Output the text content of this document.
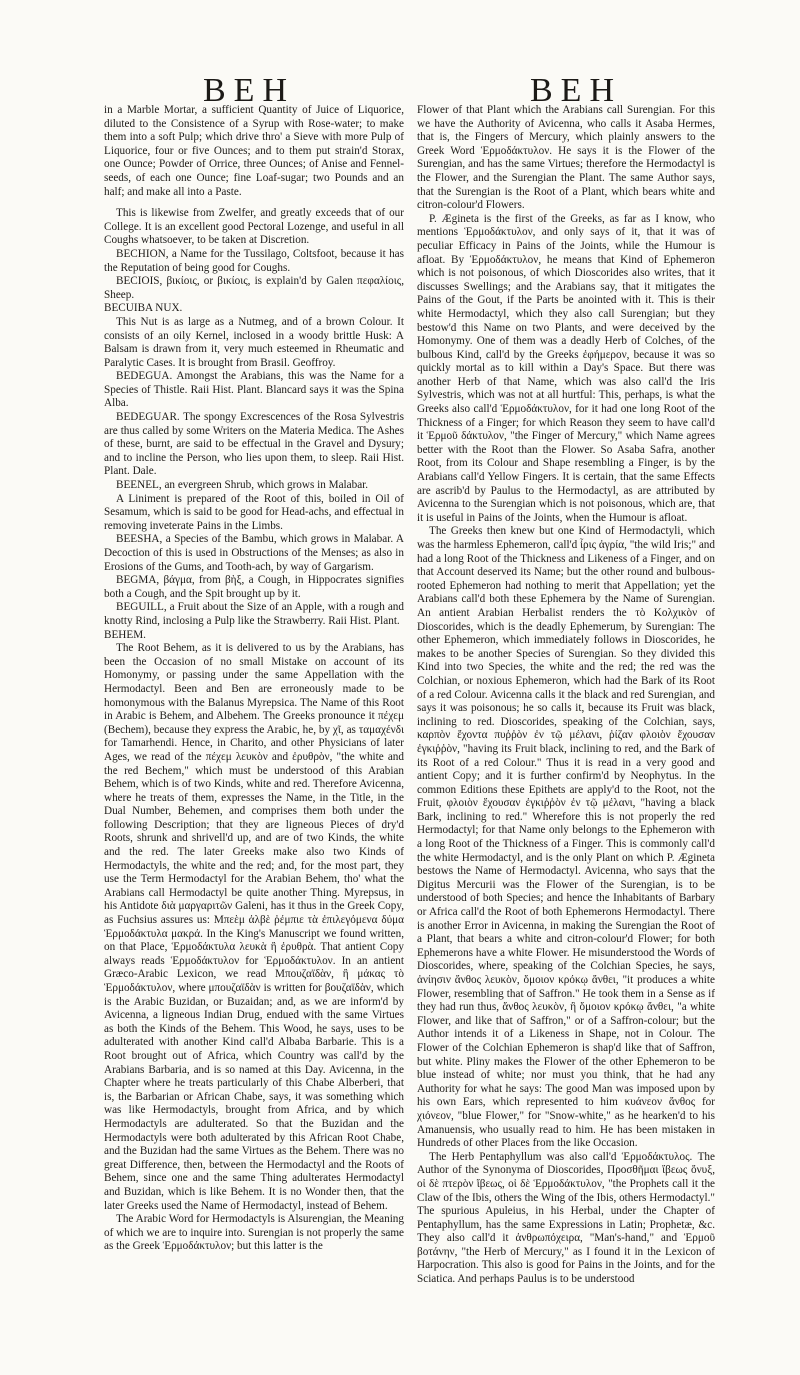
BEH	BEH

in a Marble Mortar, a sufficient Quantity of Juice of Liquorice, diluted to the Consistence of a Syrup with Rose-water; to make them into a soft Pulp; which drive thro' a Sieve with more Pulp of Liquorice, four or five Ounces; and to them put strain'd Storax, one Ounce; Powder of Orrice, three Ounces; of Anise and Fennel-seeds, of each one Ounce; fine Loaf-sugar; two Pounds and an half; and make all into a Paste.

This is likewise from Zwelfer, and greatly exceeds that of our College. It is an excellent good Pectoral Lozenge, and useful in all Coughs whatsoever, to be taken at Discretion.

BECHION, a Name for the Tussilago, Coltsfoot, because it has the Reputation of being good for Coughs.

BECIOIS, βικίοις, or βικίοις, is explain'd by Galen πεφαλίοις, Sheep.

BECUIBA NUX.

This Nut is as large as a Nutmeg, and of a brown Colour. It consists of an oily Kernel, inclosed in a woody brittle Husk: A Balsam is drawn from it, very much esteemed in Rheumatic and Paralytic Cases. It is brought from Brasil. Geoffroy.

BEDEGUA. Amongst the Arabians, this was the Name for a Species of Thistle. Raii Hist. Plant. Blancard says it was the Spina Alba.

BEDEGUAR. The spongy Excrescences of the Rosa Sylvestris are thus called by some Writers on the Materia Medica. The Ashes of these, burnt, are said to be effectual in the Gravel and Dysury; and to incline the Person, who lies upon them, to sleep. Raii Hist. Plant. Dale.

BEENEL, an evergreen Shrub, which grows in Malabar.

A Liniment is prepared of the Root of this, boiled in Oil of Sesamum, which is said to be good for Head-achs, and effectual in removing inveterate Pains in the Limbs.

BEESHA, a Species of the Bambu, which grows in Malabar. A Decoction of this is used in Obstructions of the Menses; as also in Erosions of the Gums, and Tooth-ach, by way of Gargarism.

BEGMA, βάγμα, from βὴξ, a Cough, in Hippocrates signifies both a Cough, and the Spit brought up by it.

BEGUILL, a Fruit about the Size of an Apple, with a rough and knotty Rind, inclosing a Pulp like the Strawberry. Raii Hist. Plant.

BEHEM.

The Root Behem, as it is delivered to us by the Arabians, has been the Occasion of no small Mistake on account of its Homonymy, or passing under the same Appellation with the Hermodactyl. Been and Ben are erroneously made to be homonymous with the Balanus Myrepsica. The Name of this Root in Arabic is Behem, and Albehem. The Greeks pronounce it πέχεμ (Bechem), because they express the Arabic, he, by χῖ, as ταμαχένδι for Tamarhendi. Hence, in Charito, and other Physicians of later Ages, we read of the πέχεμ λευκὸν and ἐρυθρὸν, "the white and the red Bechem," which must be understood of this Arabian Behem, which is of two Kinds, white and red. Therefore Avicenna, where he treats of them, expresses the Name, in the Title, in the Dual Number, Behemen, and comprises them both under the following Description; that they are ligneous Pieces of dry'd Roots, shrunk and shrivell'd up, and are of two Kinds, the white and the red. The later Greeks make also two Kinds of Hermodactyls, the white and the red; and, for the most part, they use the Term Hermodactyl for the Arabian Behem, tho' what the Arabians call Hermodactyl be quite another Thing. Myrepsus, in his Antidote διὰ μαργαριτῶν Galeni, has it thus in the Greek Copy, as Fuchsius assures us: Μπεὲμ ἀλβὲ ῥέμπιε τὰ ἐπιλεγόμενα δύμα Ἑρμοδάκτυλα μακρά. In the King's Manuscript we found written, on that Place, Ἑρμοδάκτυλα λευκὰ ἢ ἐρυθρὰ. That antient Copy always reads Ἑρμοδάκτυλον for Ἑρμοδάκτυλον. In an antient Græco-Arabic Lexicon, we read Μπουζαϊδὰν, ἢ μάκας τὸ Ἑρμοδάκτυλον, where μπουζαϊδὰν is written for βουζαϊδὰν, which is the Arabic Buzidan, or Buzaidan; and, as we are inform'd by Avicenna, a ligneous Indian Drug, endued with the same Virtues as both the Kinds of the Behem. This Wood, he says, uses to be adulterated with another Kind call'd Albaba Barbarie. This is a Root brought out of Africa, which Country was call'd by the Arabians Barbaria, and is so named at this Day. Avicenna, in the Chapter where he treats particularly of this Chabe Alberberi, that is, the Barbarian or African Chabe, says, it was something which was like Hermodactyls, brought from Africa, and by which Hermodactyls are adulterated. So that the Buzidan and the Hermodactyls were both adulterated by this African Root Chabe, and the Buzidan had the same Virtues as the Behem. There was no great Difference, then, between the Hermodactyl and the Roots of Behem, since one and the same Thing adulterates Hermodactyl and Buzidan, which is like Behem. It is no Wonder then, that the later Greeks used the Name of Hermodactyl, instead of Behem.

The Arabic Word for Hermodactyls is Alsurengian, the Meaning of which we are to inquire into. Surengian is not properly the same as the Greek Ἑρμοδάκτυλον; but this latter is the

Flower of that Plant which the Arabians call Surengian. For this we have the Authority of Avicenna, who calls it Asaba Hermes, that is, the Fingers of Mercury, which plainly answers to the Greek Word Ἑρμοδάκτυλον. He says it is the Flower of the Surengian, and has the same Virtues; therefore the Hermodactyl is the Flower, and the Surengian the Plant. The same Author says, that the Surengian is the Root of a Plant, which bears white and citron-colour'd Flowers.

P. Ægineta is the first of the Greeks, as far as I know, who mentions Ἑρμοδάκτυλον, and only says of it, that it was of peculiar Efficacy in Pains of the Joints, while the Humour is afloat. By Ἑρμοδάκτυλον, he means that Kind of Ephemeron which is not poisonous, of which Dioscorides also writes, that it discusses Swellings; and the Arabians say, that it mitigates the Pains of the Gout, if the Parts be anointed with it. This is their white Hermodactyl, which they also call Surengian; but they bestow'd this Name on two Plants, and were deceived by the Homonymy. One of them was a deadly Herb of Colches, of the bulbous Kind, call'd by the Greeks ἐφήμερον, because it was so quickly mortal as to kill within a Day's Space. But there was another Herb of that Name, which was also call'd the Iris Sylvestris, which was not at all hurtful: This, perhaps, is what the Greeks also call'd Ἑρμοδάκτυλον, for it had one long Root of the Thickness of a Finger; for which Reason they seem to have call'd it Ἑρμοῦ δάκτυλον, "the Finger of Mercury," which Name agrees better with the Root than the Flower. So Asaba Safra, another Root, from its Colour and Shape resembling a Finger, is by the Arabians call'd Yellow Fingers. It is certain, that the same Effects are ascrib'd by Paulus to the Hermodactyl, as are attributed by Avicenna to the Surengian which is not poisonous, which are, that it is useful in Pains of the Joints, when the Humour is afloat.

The Greeks then knew but one Kind of Hermodactyli, which was the harmless Ephemeron, call'd ἶρις ἀγρία, "the wild Iris;" and had a long Root of the Thickness and Likeness of a Finger, and on that Account deserved its Name; but the other round and bulbous-rooted Ephemeron had nothing to merit that Appellation; yet the Arabians call'd both these Ephemera by the Name of Surengian. An antient Arabian Herbalist renders the τὸ Κολχικὸν of Dioscorides, which is the deadly Ephemerum, by Surengian: The other Ephemeron, which immediately follows in Dioscorides, he makes to be another Species of Surengian. So they divided this Kind into two Species, the white and the red; the red was the Colchian, or noxious Ephemeron, which had the Bark of its Root of a red Colour. Avicenna calls it the black and red Surengian, and says it was poisonous; he so calls it, because its Fruit was black, inclining to red. Dioscorides, speaking of the Colchian, says, καρπὸν ἔχοντα πυῤῥὸν ἐν τῷ μέλανι, ῥίζαν φλοιὸν ἔχουσαν ἐγκιῤῥὸν, "having its Fruit black, inclining to red, and the Bark of its Root of a red Colour." Thus it is read in a very good and antient Copy; and it is further confirm'd by Neophytus. In the common Editions these Epithets are apply'd to the Root, not the Fruit, φλοιὸν ἔχουσαν ἐγκιῤῥὸν ἐν τῷ μέλανι, "having a black Bark, inclining to red." Wherefore this is not properly the red Hermodactyl; for that Name only belongs to the Ephemeron with a long Root of the Thickness of a Finger. This is commonly call'd the white Hermodactyl, and is the only Plant on which P. Ægineta bestows the Name of Hermodactyl. Avicenna, who says that the Digitus Mercurii was the Flower of the Surengian, is to be understood of both Species; and hence the Inhabitants of Barbary or Africa call'd the Root of both Ephemerons Hermodactyl. There is another Error in Avicenna, in making the Surengian the Root of a Plant, that bears a white and citron-colour'd Flower; for both Ephemerons have a white Flower. He misunderstood the Words of Dioscorides, where, speaking of the Colchian Species, he says, ἀνίησιν ἄνθος λευκὸν, ὅμοιον κρόκῳ ἄνθει, "it produces a white Flower, resembling that of Saffron." He took them in a Sense as if they had run thus, ἄνθος λευκὸν, ἢ ὅμοιον κρόκῳ ἄνθει, "a white Flower, and like that of Saffron," or of a Saffron-colour; but the Author intends it of a Likeness in Shape, not in Colour. The Flower of the Colchian Ephemeron is shap'd like that of Saffron, but white. Pliny makes the Flower of the other Ephemeron to be blue instead of white; nor must you think, that he had any Authority for what he says: The good Man was imposed upon by his own Ears, which represented to him κυάνεον ἄνθος for χιόνεον, "blue Flower," for "Snow-white," as he hearken'd to his Amanuensis, who usually read to him. He has been mistaken in Hundreds of other Places from the like Occasion.

The Herb Pentaphyllum was also call'd Ἑρμοδάκτυλος. The Author of the Synonyma of Dioscorides, Προσθῆμαι ἴβεως ὄνυξ, οἱ δὲ πτερὸν ἴβεως, οἱ δὲ Ἑρμοδάκτυλον, "the Prophets call it the Claw of the Ibis, others the Wing of the Ibis, others Hermodactyl." The spurious Apuleius, in his Herbal, under the Chapter of Pentaphyllum, has the same Expressions in Latin; Prophetæ, &c. They also call'd it ἀνθρωπόχειρα, "Man's-hand," and Ἑρμοῦ βοτάνην, "the Herb of Mercury," as I found it in the Lexicon of Harpocration. This also is good for Pains in the Joints, and for the Sciatica. And perhaps Paulus is to be understood
